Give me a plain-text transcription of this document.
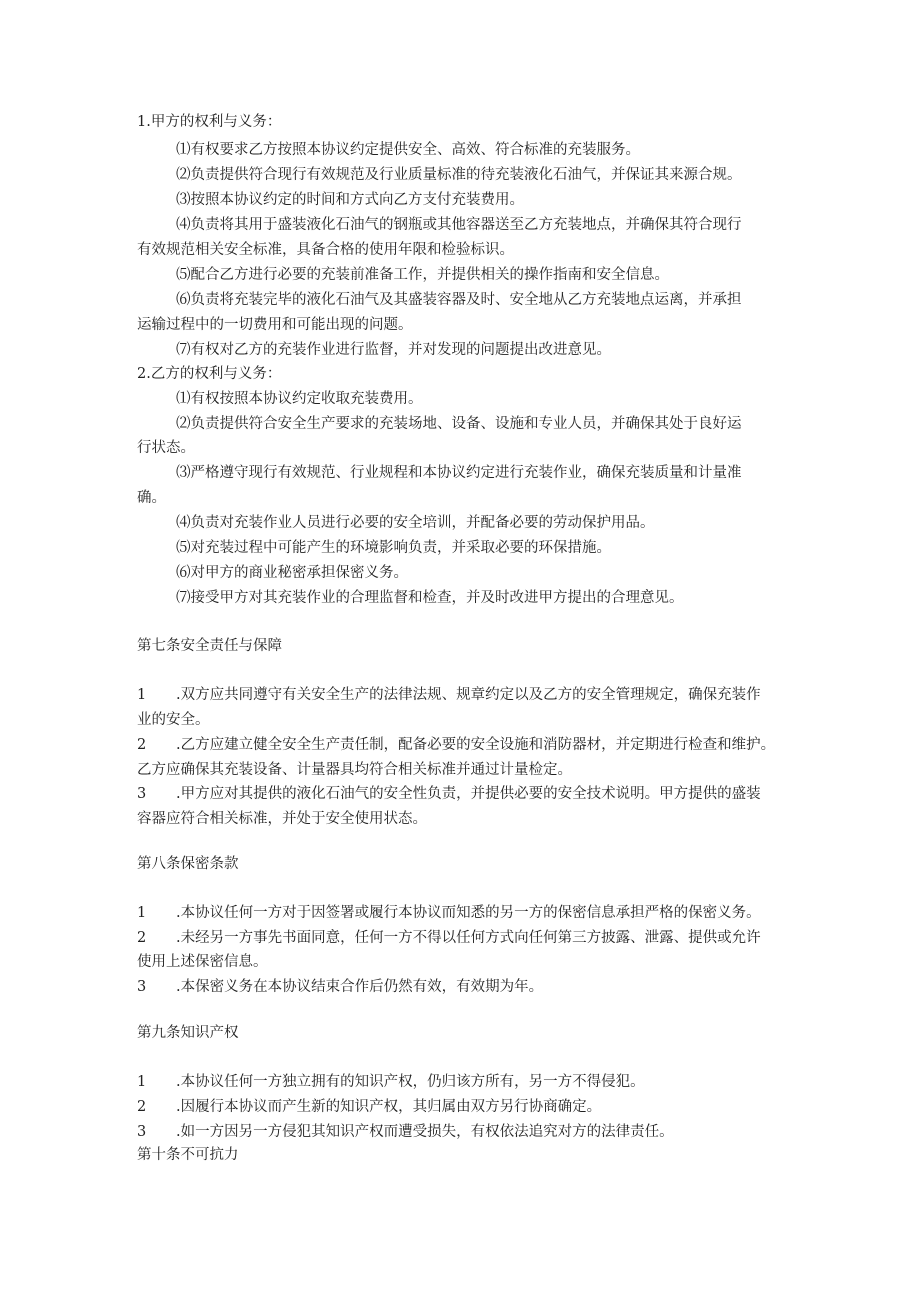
1.甲方的权利与义务：
⑴有权要求乙方按照本协议约定提供安全、高效、符合标准的充装服务。
⑵负责提供符合现行有效规范及行业质量标准的待充装液化石油气，并保证其来源合规。
⑶按照本协议约定的时间和方式向乙方支付充装费用。
⑷负责将其用于盛装液化石油气的钢瓶或其他容器送至乙方充装地点，并确保其符合现行
有效规范相关安全标准，具备合格的使用年限和检验标识。
⑸配合乙方进行必要的充装前准备工作，并提供相关的操作指南和安全信息。
⑹负责将充装完毕的液化石油气及其盛装容器及时、安全地从乙方充装地点运离，并承担
运输过程中的一切费用和可能出现的问题。
⑺有权对乙方的充装作业进行监督，并对发现的问题提出改进意见。
2.乙方的权利与义务：
⑴有权按照本协议约定收取充装费用。
⑵负责提供符合安全生产要求的充装场地、设备、设施和专业人员，并确保其处于良好运
行状态。
⑶严格遵守现行有效规范、行业规程和本协议约定进行充装作业，确保充装质量和计量准
确。
⑷负责对充装作业人员进行必要的安全培训，并配备必要的劳动保护用品。
⑸对充装过程中可能产生的环境影响负责，并采取必要的环保措施。
⑹对甲方的商业秘密承担保密义务。
⑺接受甲方对其充装作业的合理监督和检查，并及时改进甲方提出的合理意见。
第七条安全责任与保障
1 .双方应共同遵守有关安全生产的法律法规、规章约定以及乙方的安全管理规定，确保充装作
业的安全。
2 .乙方应建立健全安全生产责任制，配备必要的安全设施和消防器材，并定期进行检查和维护。
乙方应确保其充装设备、计量器具均符合相关标准并通过计量检定。
3 .甲方应对其提供的液化石油气的安全性负责，并提供必要的安全技术说明。甲方提供的盛装
容器应符合相关标准，并处于安全使用状态。
第八条保密条款
1 .本协议任何一方对于因签署或履行本协议而知悉的另一方的保密信息承担严格的保密义务。
2 .未经另一方事先书面同意，任何一方不得以任何方式向任何第三方披露、泄露、提供或允许
使用上述保密信息。
3 .本保密义务在本协议结束合作后仍然有效，有效期为年。
第九条知识产权
1 .本协议任何一方独立拥有的知识产权，仍归该方所有，另一方不得侵犯。
2 .因履行本协议而产生新的知识产权，其归属由双方另行协商确定。
3 .如一方因另一方侵犯其知识产权而遭受损失，有权依法追究对方的法律责任。
第十条不可抗力
